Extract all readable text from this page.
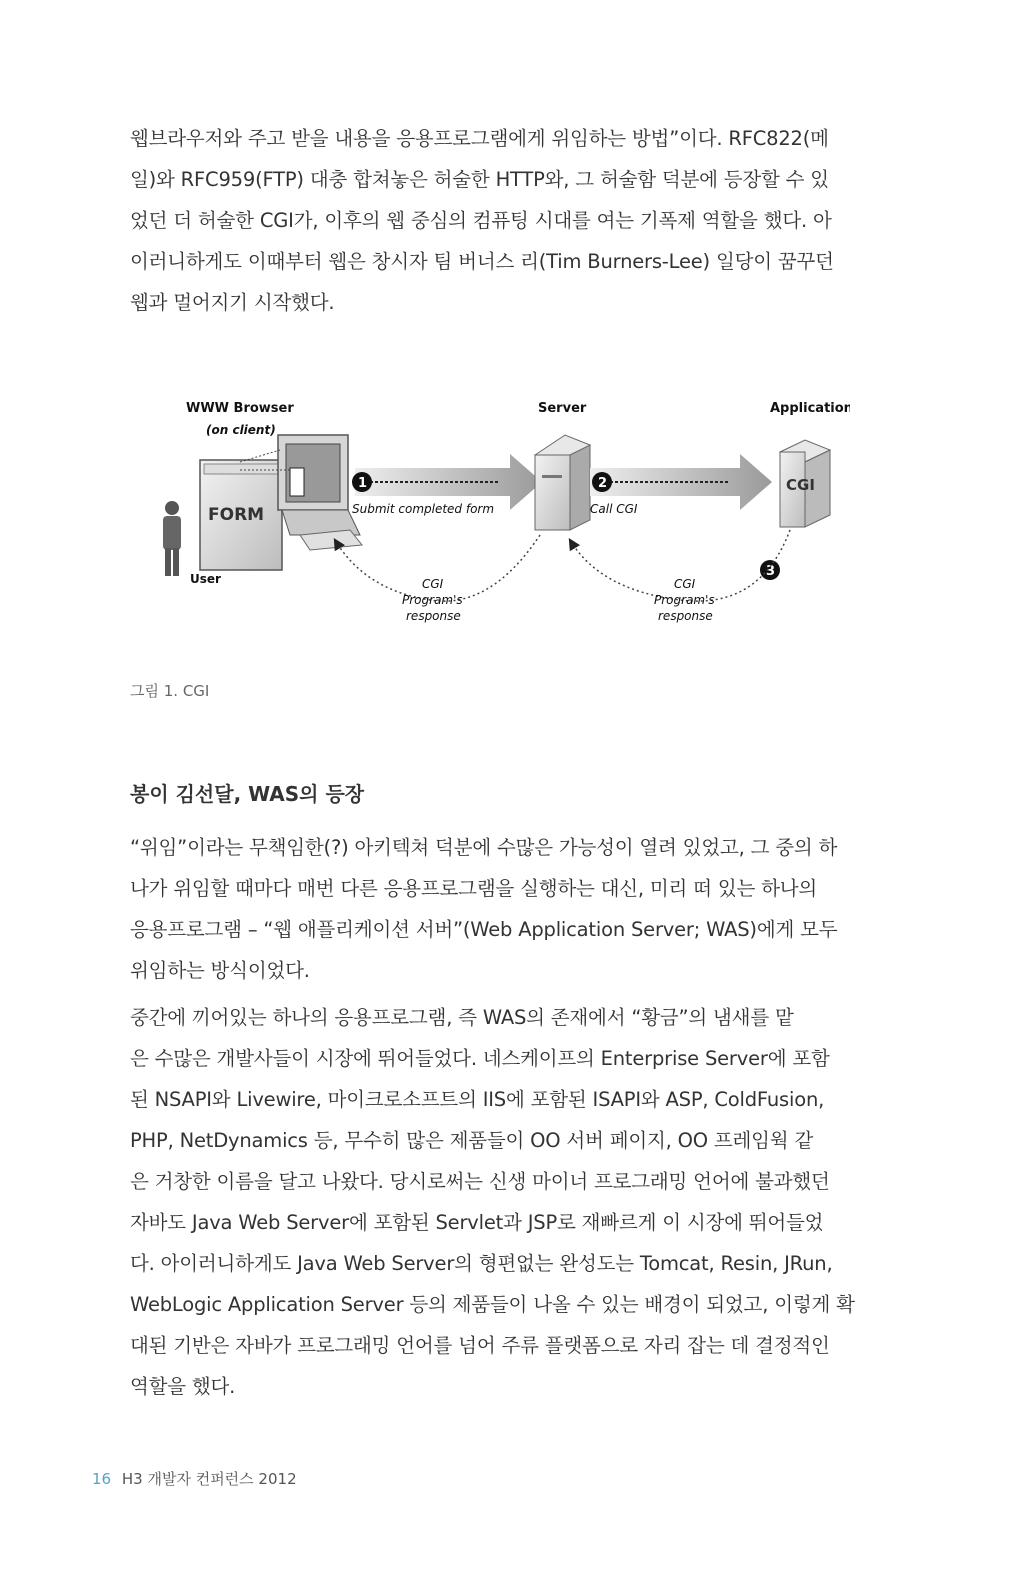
웹브라우저와 주고 받을 내용을 응용프로그램에게 위임하는 방법”이다. RFC822(메
일)와 RFC959(FTP) 대충 합쳐놓은 허술한 HTTP와, 그 허술함 덕분에 등장할 수 있
었던 더 허술한 CGI가, 이후의 웹 중심의 컴퓨팅 시대를 여는 기폭제 역할을 했다. 아
이러니하게도 이때부터 웹은 창시자 팀 버너스 리(Tim Burners-Lee) 일당이 꿈꾸던
웹과 멀어지기 시작했다.
WWW Browser
(on client)
Server	Application
User
FORM
1
Submit completed form
2
Call CGI
CGI
3
CGI
Program's
response
CGI
Program's
response

그림 1. CGI

봉이 김선달, WAS의 등장
“위임”이라는 무책임한(?) 아키텍쳐 덕분에 수많은 가능성이 열려 있었고, 그 중의 하
나가 위임할 때마다 매번 다른 응용프로그램을 실행하는 대신, 미리 떠 있는 하나의
응용프로그램 – “웹 애플리케이션 서버”(Web Application Server; WAS)에게 모두
위임하는 방식이었다.
중간에 끼어있는 하나의 응용프로그램, 즉 WAS의 존재에서 “황금”의 냄새를 맡
은 수많은 개발사들이 시장에 뛰어들었다. 네스케이프의 Enterprise Server에 포함
된 NSAPI와 Livewire, 마이크로소프트의 IIS에 포함된 ISAPI와 ASP, ColdFusion,
PHP, NetDynamics 등, 무수히 많은 제품들이 OO 서버 페이지, OO 프레임웍 같
은 거창한 이름을 달고 나왔다. 당시로써는 신생 마이너 프로그래밍 언어에 불과했던
자바도 Java Web Server에 포함된 Servlet과 JSP로 재빠르게 이 시장에 뛰어들었
다. 아이러니하게도 Java Web Server의 형편없는 완성도는 Tomcat, Resin, JRun,
WebLogic Application Server 등의 제품들이 나올 수 있는 배경이 되었고, 이렇게 확
대된 기반은 자바가 프로그래밍 언어를 넘어 주류 플랫폼으로 자리 잡는 데 결정적인
역할을 했다.

16 H3 개발자 컨퍼런스 2012
